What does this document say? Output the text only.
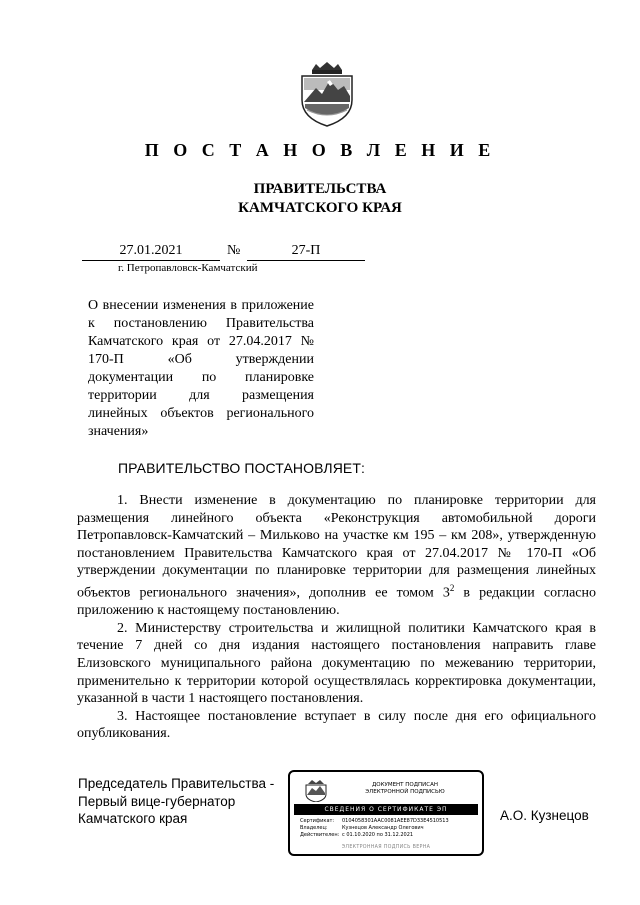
П О С Т А Н О В Л Е Н И Е
ПРАВИТЕЛЬСТВА
КАМЧАТСКОГО КРАЯ
27.01.2021	№	27-П
г. Петропавловск-Камчатский
О внесении изменения в приложение к постановлению Правительства Камчатского края от 27.04.2017 № 170-П «Об утверждении документации по планировке территории для размещения линейных объектов регионального значения»
ПРАВИТЕЛЬСТВО ПОСТАНОВЛЯЕТ:

1. Внести изменение в документацию по планировке территории для размещения линейного объекта «Реконструкция автомобильной дороги Петропавловск-Камчатский – Мильково на участке км 195 – км 208», утвержденную постановлением Правительства Камчатского края от 27.04.2017 № 170-П «Об утверждении документации по планировке территории для размещения линейных объектов регионального значения», дополнив ее томом $3^2$ в редакции согласно приложению к настоящему постановлению.

2. Министерству строительства и жилищной политики Камчатского края в течение 7 дней со дня издания настоящего постановления направить главе Елизовского муниципального района документацию по межеванию территории, применительно к территории которой осуществлялась корректировка документации, указанной в части 1 настоящего постановления.

3. Настоящее постановление вступает в силу после дня его официального опубликования.

Председатель Правительства -
Первый вице-губернатор
Камчатского края
ДОКУМЕНТ ПОДПИСАН
ЭЛЕКТРОННОЙ ПОДПИСЬЮ
СВЕДЕНИЯ О СЕРТИФИКАТЕ ЭП
Сертификат: 0104058301AAC0081AEE87D33E4510513
Владелец:	Кузнецов Александр Олегович
Действителен: с 01.10.2020 по 31.12.2021
ЭЛЕКТРОННАЯ ПОДПИСЬ ВЕРНА
А.О. Кузнецов
